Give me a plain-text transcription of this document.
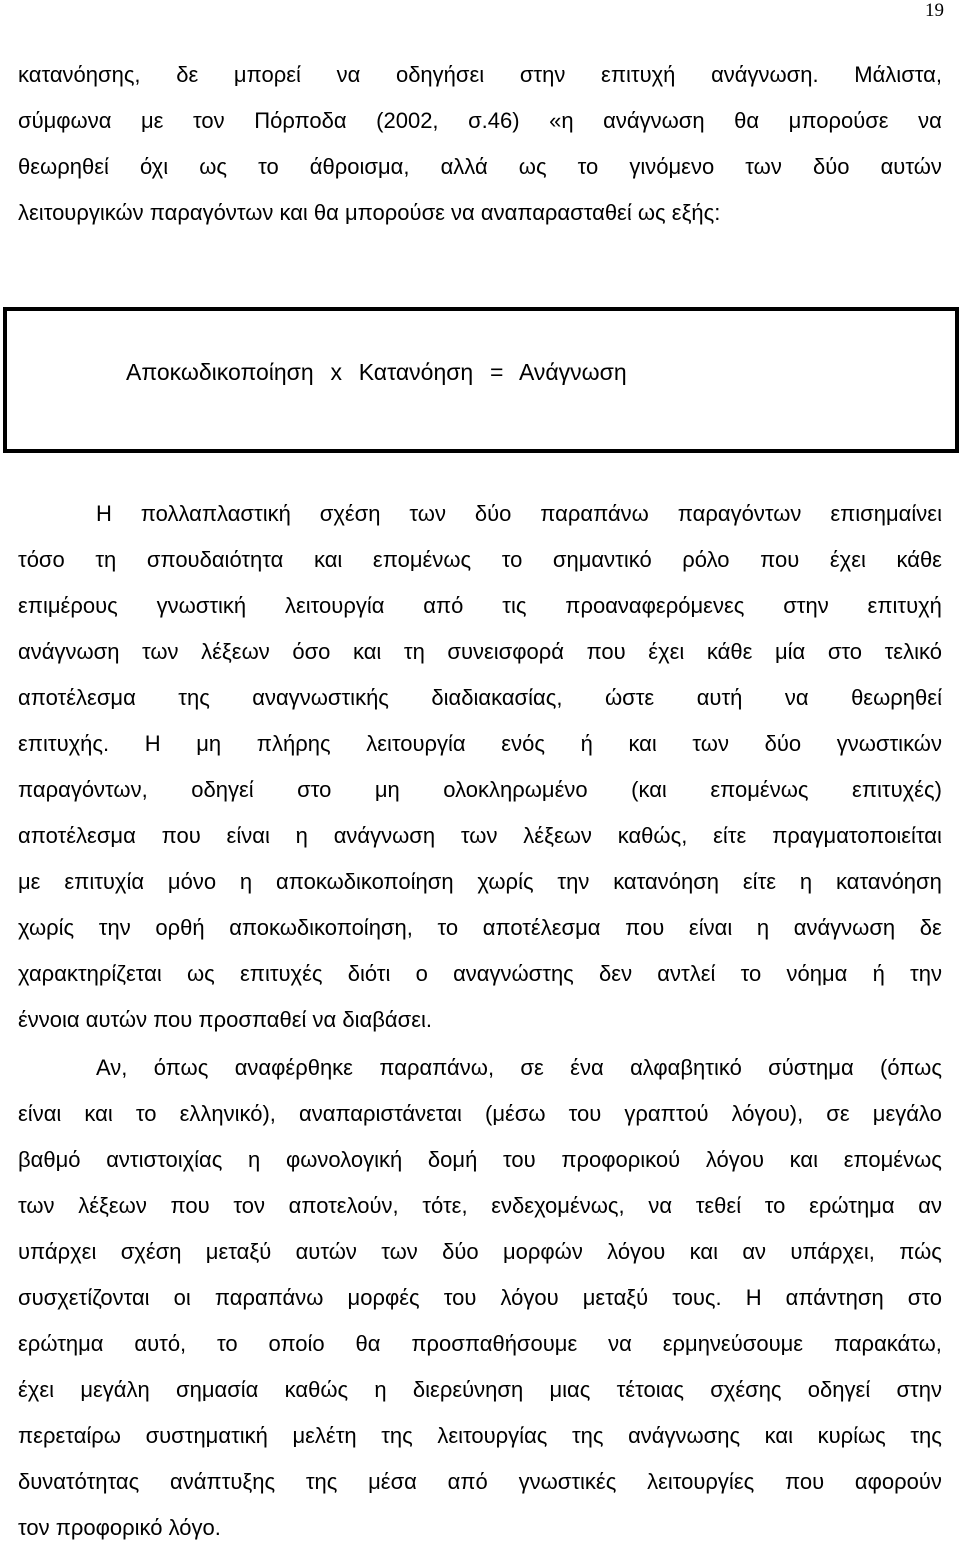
19
κατανόησης, δε μπορεί να οδηγήσει στην επιτυχή ανάγνωση. Μάλιστα,
σύμφωνα με τον Πόρποδα (2002, σ.46) «η ανάγνωση θα μπορούσε να
θεωρηθεί όχι ως το άθροισμα, αλλά ως το γινόμενο των δύο αυτών
λειτουργικών παραγόντων και θα μπορούσε να αναπαρασταθεί ως εξής:
Αποκωδικοποίηση  x  Κατανόηση  =  Ανάγνωση
Η πολλαπλαστική σχέση των δύο παραπάνω παραγόντων επισημαίνει
τόσο τη σπουδαιότητα και επομένως το σημαντικό ρόλο που έχει κάθε
επιμέρους γνωστική λειτουργία από τις προαναφερόμενες στην επιτυχή
ανάγνωση των λέξεων όσο και τη συνεισφορά που έχει κάθε μία στο τελικό
αποτέλεσμα της αναγνωστικής διαδιακασίας, ώστε αυτή να θεωρηθεί
επιτυχής. Η μη πλήρης λειτουργία ενός ή και των δύο γνωστικών
παραγόντων, οδηγεί στο μη ολοκληρωμένο (και επομένως επιτυχές)
αποτέλεσμα που είναι η ανάγνωση των λέξεων καθώς, είτε πραγματοποιείται
με επιτυχία μόνο η αποκωδικοποίηση χωρίς την κατανόηση είτε η κατανόηση
χωρίς την ορθή αποκωδικοποίηση, το αποτέλεσμα που είναι η ανάγνωση δε
χαρακτηρίζεται ως επιτυχές διότι ο αναγνώστης δεν αντλεί το νόημα ή την
έννοια αυτών που προσπαθεί να διαβάσει.
Αν, όπως αναφέρθηκε παραπάνω, σε ένα αλφαβητικό σύστημα (όπως
είναι και το ελληνικό), αναπαριστάνεται (μέσω του γραπτού λόγου), σε μεγάλο
βαθμό αντιστοιχίας η φωνολογική δομή του προφορικού λόγου και επομένως
των λέξεων που τον αποτελούν, τότε, ενδεχομένως, να τεθεί το ερώτημα αν
υπάρχει σχέση μεταξύ αυτών των δύο μορφών λόγου και αν υπάρχει, πώς
συσχετίζονται οι παραπάνω μορφές του λόγου μεταξύ τους. Η απάντηση στο
ερώτημα αυτό, το οποίο θα προσπαθήσουμε να ερμηνεύσουμε παρακάτω,
έχει μεγάλη σημασία καθώς η διερεύνηση μιας τέτοιας σχέσης οδηγεί στην
περεταίρω συστηματική μελέτη της λειτουργίας της ανάγνωσης και κυρίως της
δυνατότητας ανάπτυξης της μέσα από γνωστικές λειτουργίες που αφορούν
τον προφορικό λόγο.
